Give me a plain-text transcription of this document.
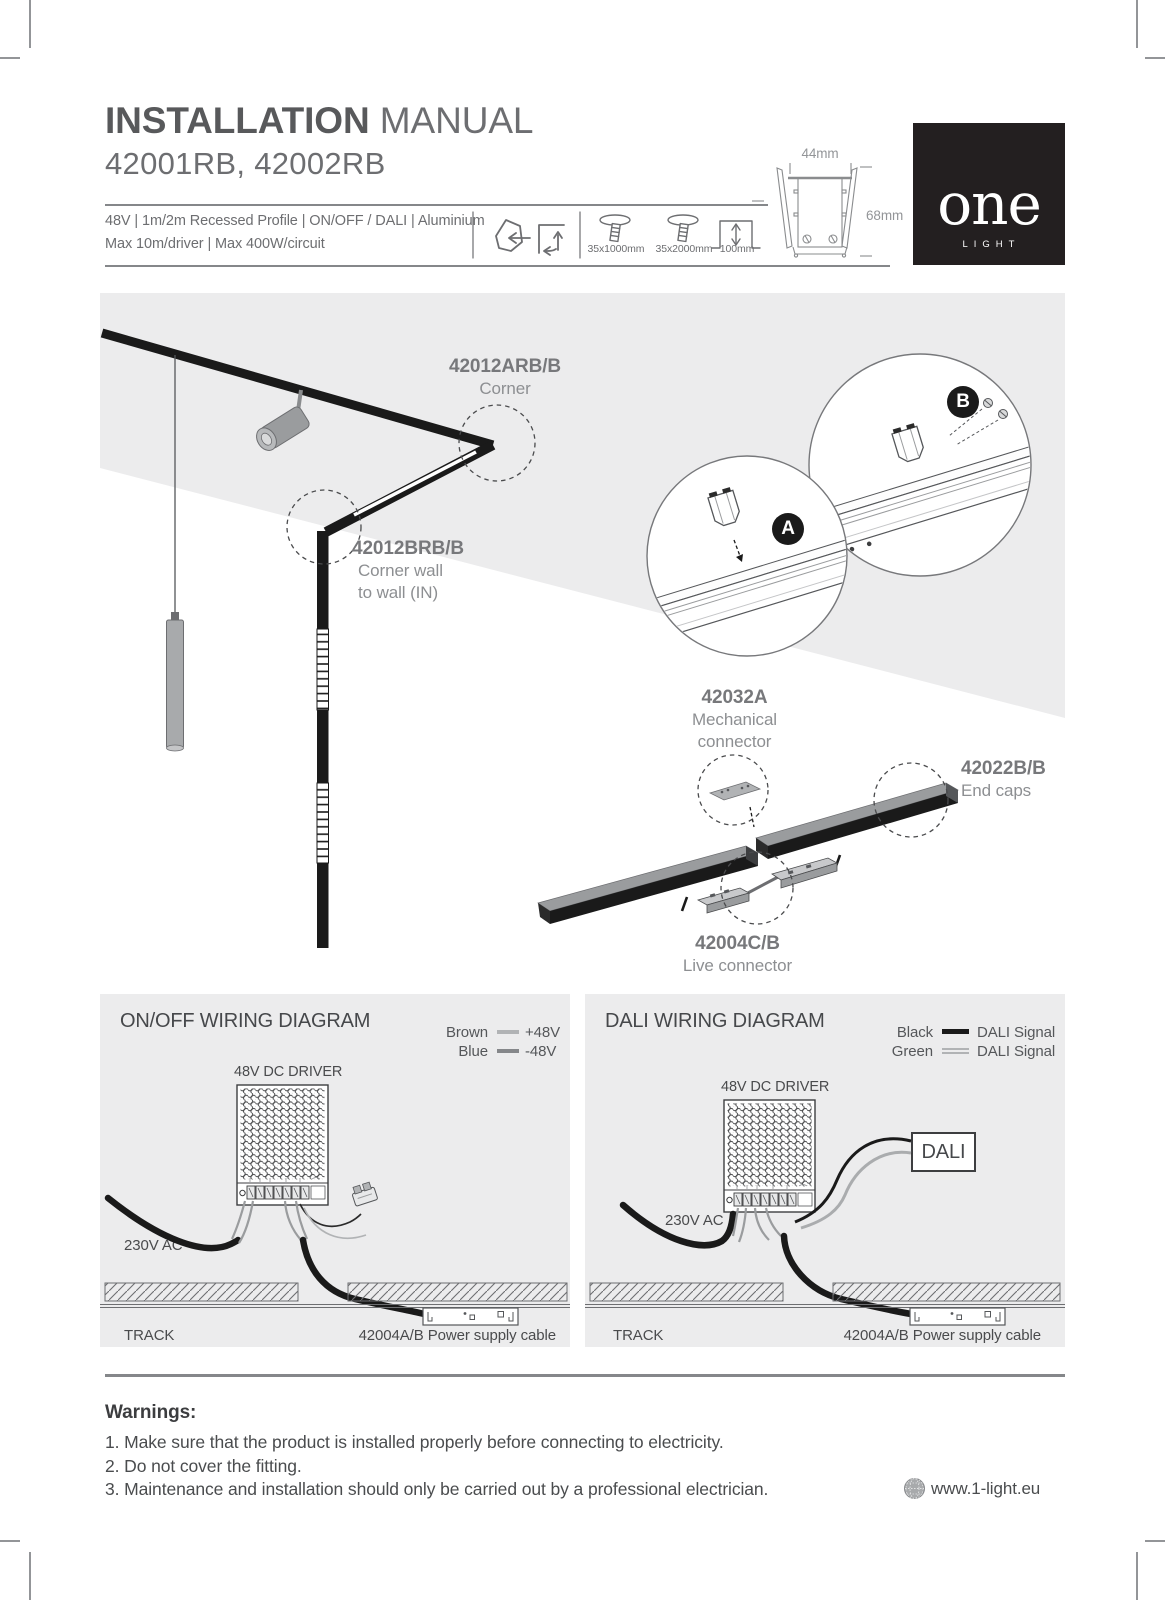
INSTALLATION MANUAL
42001RB, 42002RB
48V | 1m/2m Recessed Profile | ON/OFF / DALI | Aluminium
Max 10m/driver | Max 400W/circuit	35x1000mm 35x2000mm 100mm
44mm
68mm one
LIGHT
42012ARB/B
Corner
42012BRB/B
Corner wall
to wall (IN)
42032A
Mechanical
connector
42022B/B
End caps
42004C/B
Live connector
A
B
ON/OFF WIRING DIAGRAM
Brown +48V
Blue -48V
48V DC DRIVER
230V AC
TRACK	42004A/B Power supply cable
DALI WIRING DIAGRAM
Black	DALI Signal
Green	DALI Signal
48V DC DRIVER
230V AC
TRACK	42004A/B Power supply cable
DALI
Warnings:
1. Make sure that the product is installed properly before connecting to electricity.
2. Do not cover the fitting.
3. Maintenance and installation should only be carried out by a professional electrician.	www.1-light.eu
